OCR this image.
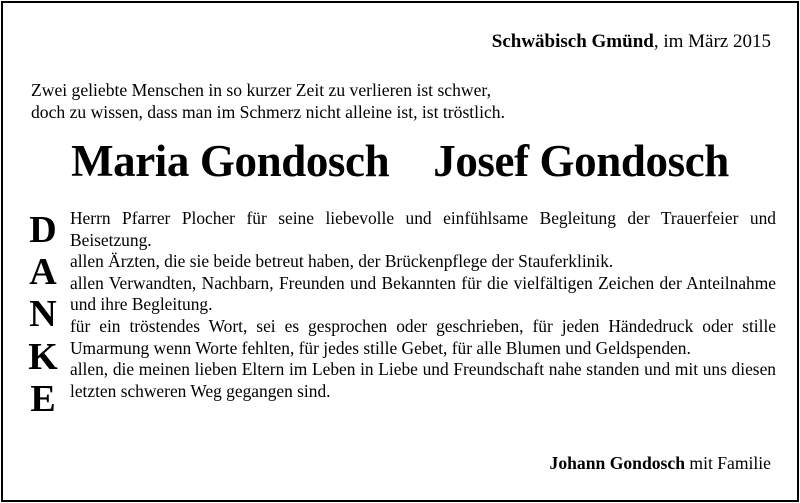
Schwäbisch Gmünd, im März 2015
Zwei geliebte Menschen in so kurzer Zeit zu verlieren ist schwer,
doch zu wissen, dass man im Schmerz nicht alleine ist, ist tröstlich.
Maria Gondosch Josef Gondosch
D
A
N
K
E

Herrn Pfarrer Plocher für seine liebevolle und einfühlsame Begleitung der Trauerfeier und Beisetzung.

allen Ärzten, die sie beide betreut haben, der Brückenpflege der Stauferklinik.

allen Verwandten, Nachbarn, Freunden und Bekannten für die vielfältigen Zeichen der Anteilnahme und ihre Begleitung.

für ein tröstendes Wort, sei es gesprochen oder geschrieben, für jeden Händedruck oder stille Umarmung wenn Worte fehlten, für jedes stille Gebet, für alle Blumen und Geldspenden.

allen, die meinen lieben Eltern im Leben in Liebe und Freundschaft nahe standen und mit uns diesen letzten schweren Weg gegangen sind.

Johann Gondosch mit Familie
